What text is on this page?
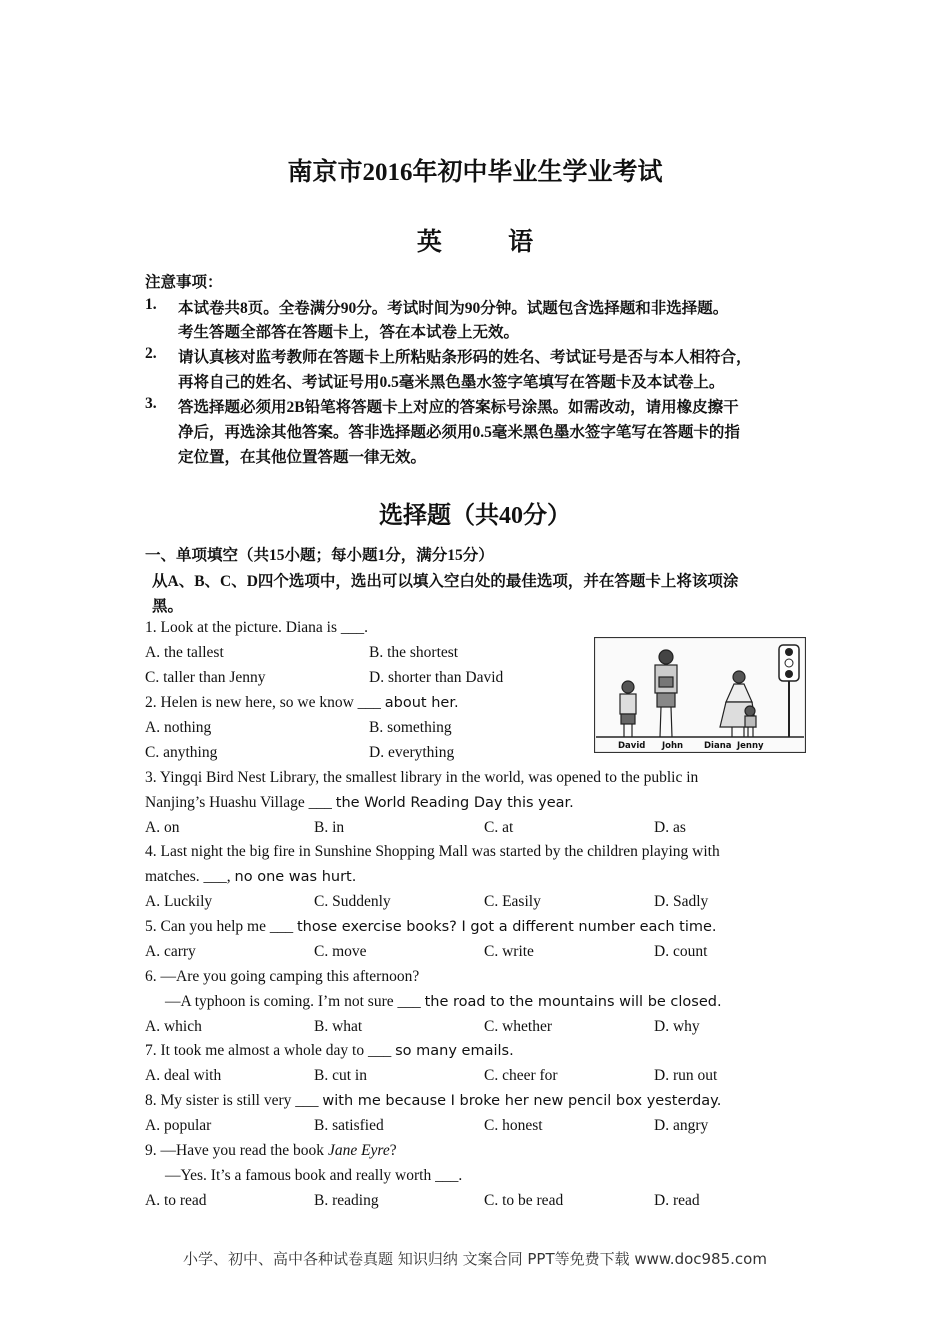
南京市2016年初中毕业生学业考试
英 语
注意事项：
1. 本试卷共8页。全卷满分90分。考试时间为90分钟。试题包含选择题和非选择题。
考生答题全部答在答题卡上，答在本试卷上无效。
2. 请认真核对监考教师在答题卡上所粘贴条形码的姓名、考试证号是否与本人相符合，
再将自己的姓名、考试证号用0.5毫米黑色墨水签字笔填写在答题卡及本试卷上。
3. 答选择题必须用2B铅笔将答题卡上对应的答案标号涂黑。如需改动，请用橡皮擦干
净后，再选涂其他答案。答非选择题必须用0.5毫米黑色墨水签字笔写在答题卡的指
定位置，在其他位置答题一律无效。
选择题（共40分）
一、单项填空（共15小题；每小题1分，满分15分）
从A、B、C、D四个选项中，选出可以填入空白处的最佳选项，并在答题卡上将该项涂
黑。
1. Look at the picture. Diana is ___.
A. the tallest	B. the shortest
C. taller than Jenny	D. shorter than David
2. Helen is new here, so we know ___ about her.
A. nothing	B. something
C. anything	D. everything	David John Diana Jenny
3. Yingqi Bird Nest Library, the smallest library in the world, was opened to the public in
Nanjing’s Huashu Village ___ the World Reading Day this year.
A. on	B. in	C. at	D. as
4. Last night the big fire in Sunshine Shopping Mall was started by the children playing with
matches. ___, no one was hurt.
A. Luckily	C. Suddenly	C. Easily	D. Sadly
5. Can you help me ___ those exercise books? I got a different number each time.
A. carry	C. move	C. write	D. count
6. —Are you going camping this afternoon?
—A typhoon is coming. I’m not sure ___ the road to the mountains will be closed.
A. which	B. what	C. whether	D. why
7. It took me almost a whole day to ___ so many emails.
A. deal with	B. cut in	C. cheer for	D. run out
8. My sister is still very ___ with me because I broke her new pencil box yesterday.
A. popular	B. satisfied	C. honest	D. angry
9. —Have you read the book Jane Eyre?
—Yes. It’s a famous book and really worth ___.
A. to read	B. reading	C. to be read	D. read
小学、初中、高中各种试卷真题 知识归纳 文案合同 PPT等免费下载 www.doc985.com
